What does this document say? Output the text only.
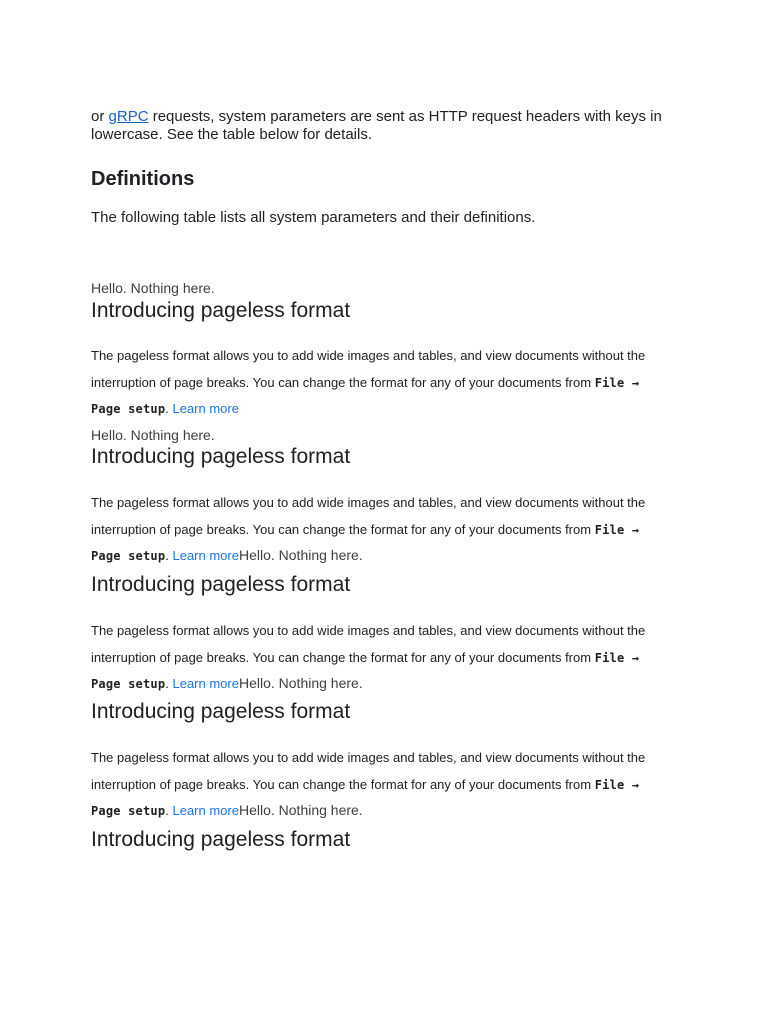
or gRPC requests, system parameters are sent as HTTP request headers with keys in lowercase. See the table below for details.
Definitions
The following table lists all system parameters and their definitions.
Hello. Nothing here.
Introducing pageless format
The pageless format allows you to add wide images and tables, and view documents without the interruption of page breaks. You can change the format for any of your documents from File → Page setup. Learn more
Hello. Nothing here.
Introducing pageless format
The pageless format allows you to add wide images and tables, and view documents without the interruption of page breaks. You can change the format for any of your documents from File → Page setup. Learn moreHello. Nothing here.
Introducing pageless format
The pageless format allows you to add wide images and tables, and view documents without the interruption of page breaks. You can change the format for any of your documents from File → Page setup. Learn moreHello. Nothing here.
Introducing pageless format
The pageless format allows you to add wide images and tables, and view documents without the interruption of page breaks. You can change the format for any of your documents from File → Page setup. Learn moreHello. Nothing here.
Introducing pageless format
